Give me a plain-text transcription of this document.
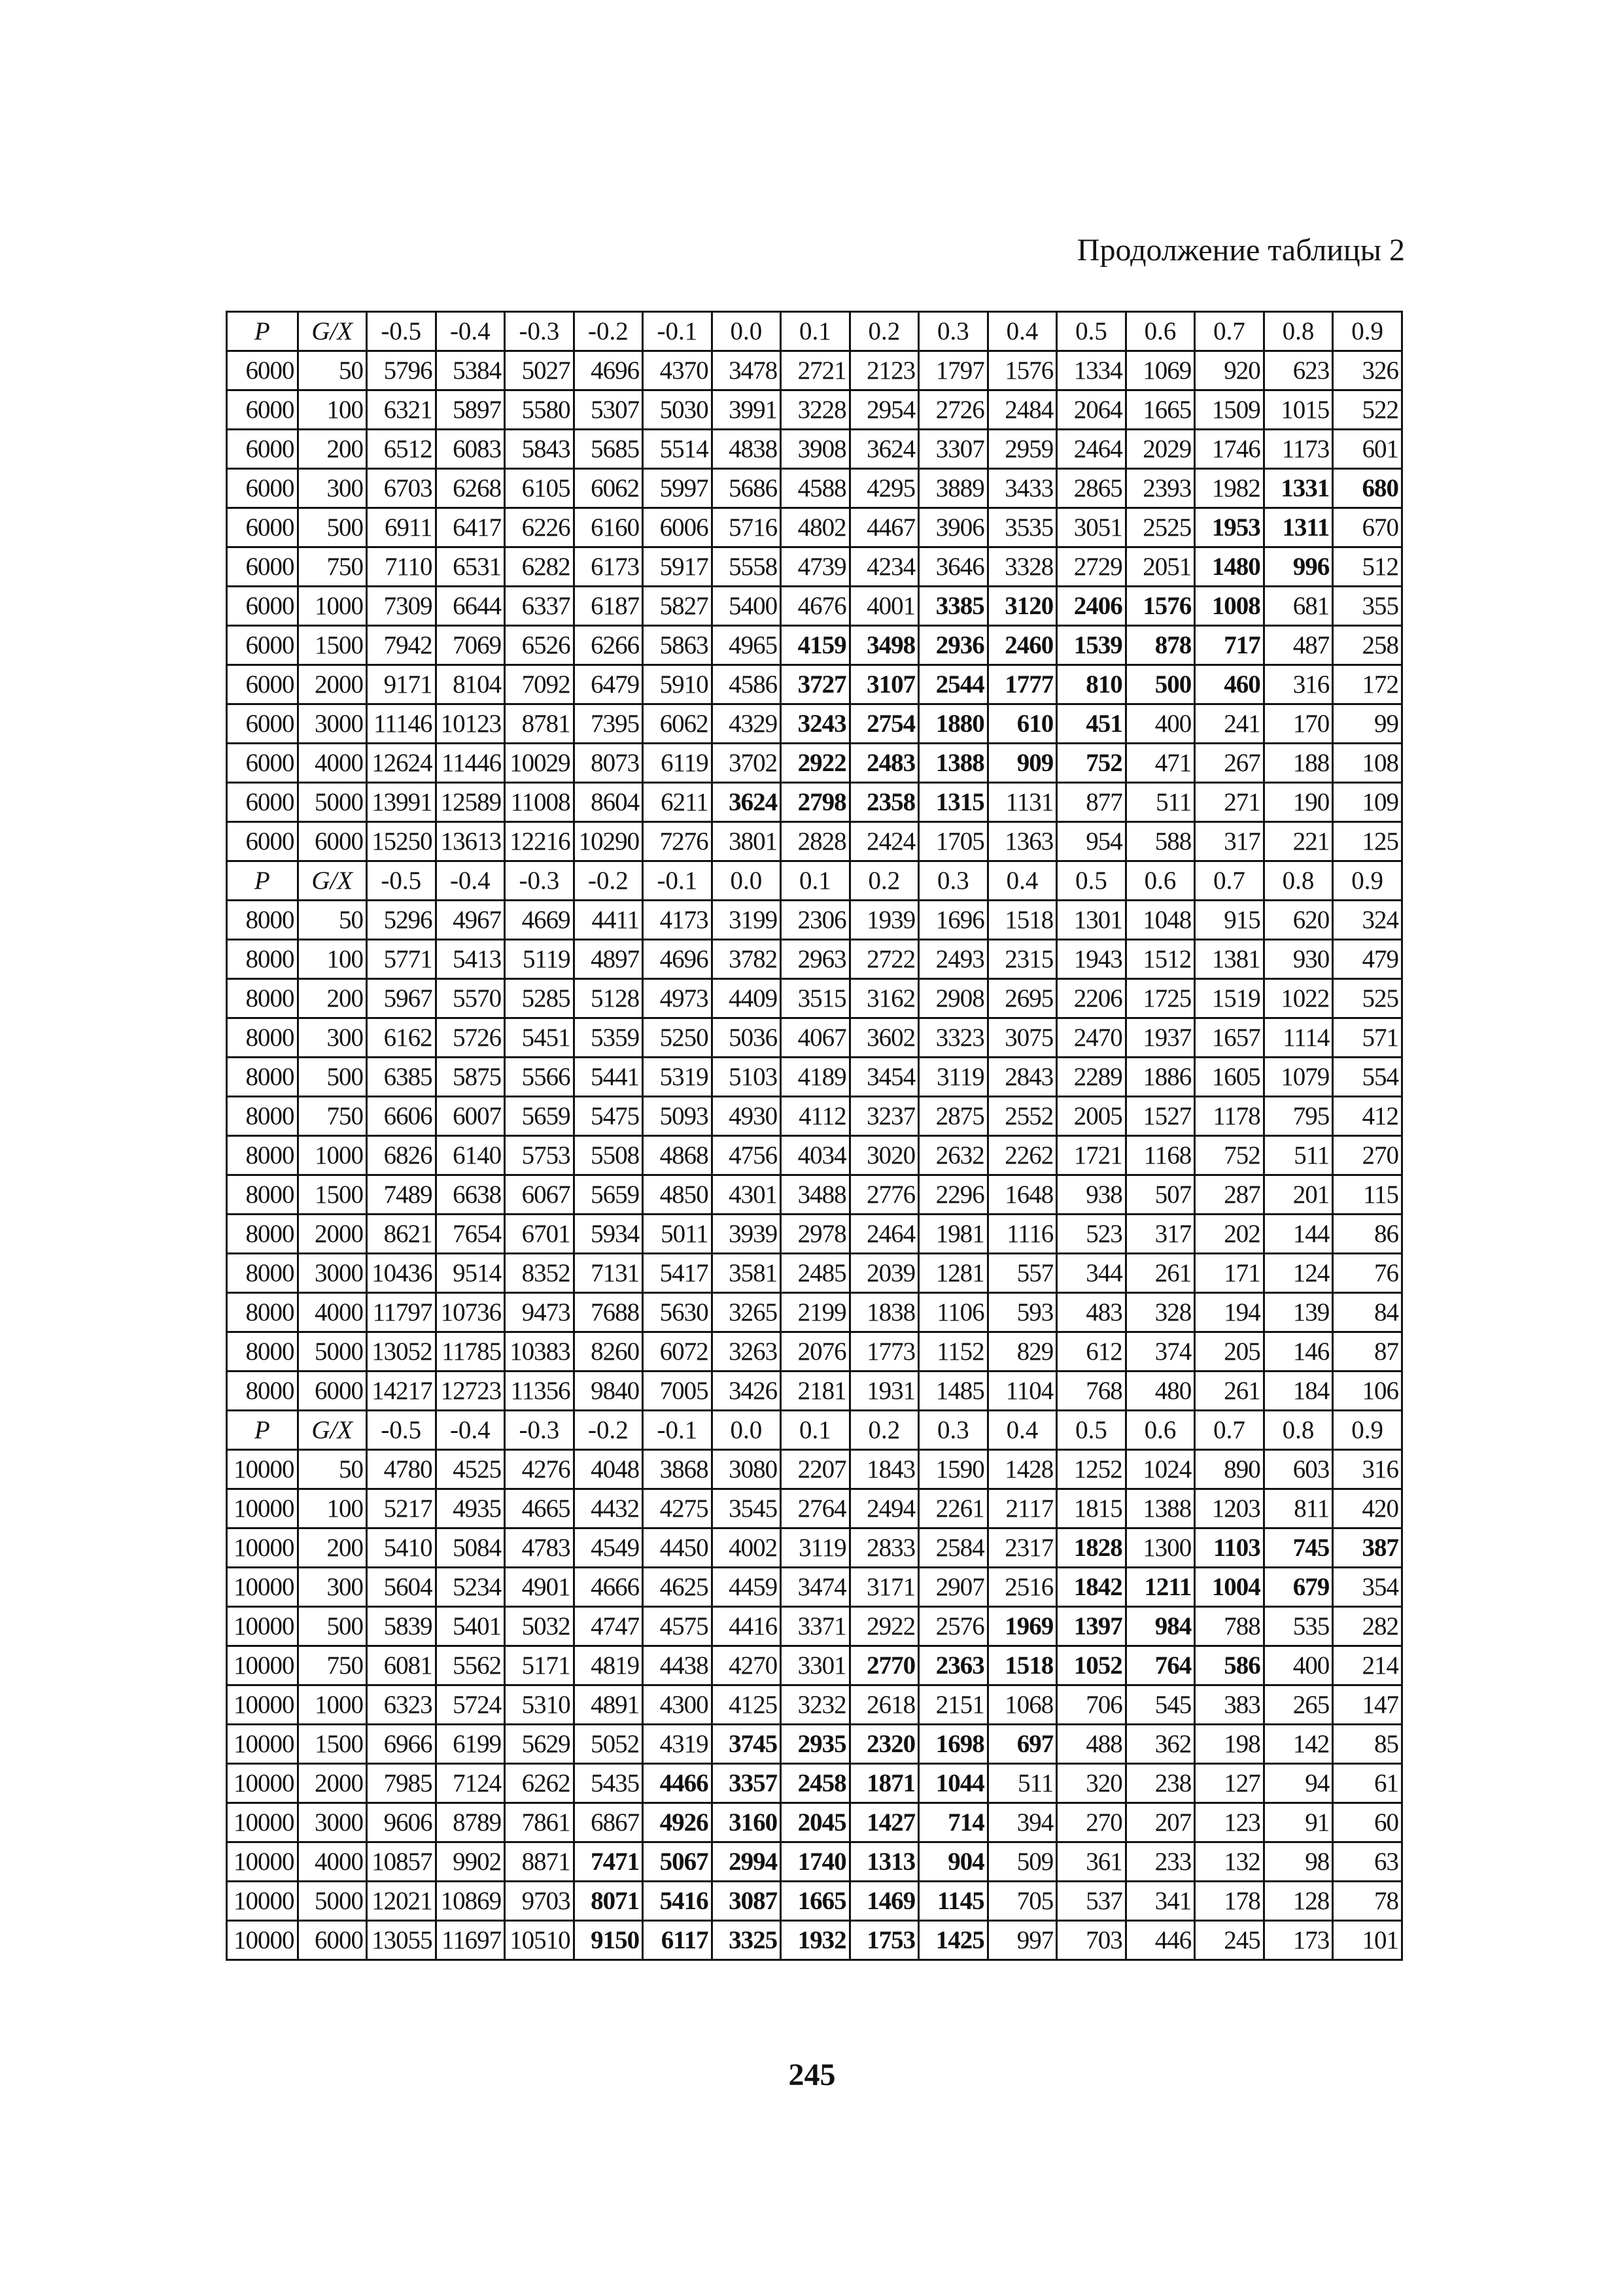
Продолжение таблицы 2
P	G/X	-0.5	-0.4	-0.3	-0.2	-0.1	0.0	0.1	0.2	0.3	0.4	0.5	0.6	0.7	0.8	0.9
6000	50	5796	5384	5027	4696	4370	3478	2721	2123	1797	1576	1334	1069	920	623	326
6000	100	6321	5897	5580	5307	5030	3991	3228	2954	2726	2484	2064	1665	1509	1015	522
6000	200	6512	6083	5843	5685	5514	4838	3908	3624	3307	2959	2464	2029	1746	1173	601
6000	300	6703	6268	6105	6062	5997	5686	4588	4295	3889	3433	2865	2393	1982	1331	680
6000	500	6911	6417	6226	6160	6006	5716	4802	4467	3906	3535	3051	2525	1953	1311	670
6000	750	7110	6531	6282	6173	5917	5558	4739	4234	3646	3328	2729	2051	1480	996	512
6000	1000	7309	6644	6337	6187	5827	5400	4676	4001	3385	3120	2406	1576	1008	681	355
6000	1500	7942	7069	6526	6266	5863	4965	4159	3498	2936	2460	1539	878	717	487	258
6000	2000	9171	8104	7092	6479	5910	4586	3727	3107	2544	1777	810	500	460	316	172
6000	3000	11146	10123	8781	7395	6062	4329	3243	2754	1880	610	451	400	241	170	99
6000	4000	12624	11446	10029	8073	6119	3702	2922	2483	1388	909	752	471	267	188	108
6000	5000	13991	12589	11008	8604	6211	3624	2798	2358	1315	1131	877	511	271	190	109
6000	6000	15250	13613	12216	10290	7276	3801	2828	2424	1705	1363	954	588	317	221	125
P	G/X	-0.5	-0.4	-0.3	-0.2	-0.1	0.0	0.1	0.2	0.3	0.4	0.5	0.6	0.7	0.8	0.9
8000	50	5296	4967	4669	4411	4173	3199	2306	1939	1696	1518	1301	1048	915	620	324
8000	100	5771	5413	5119	4897	4696	3782	2963	2722	2493	2315	1943	1512	1381	930	479
8000	200	5967	5570	5285	5128	4973	4409	3515	3162	2908	2695	2206	1725	1519	1022	525
8000	300	6162	5726	5451	5359	5250	5036	4067	3602	3323	3075	2470	1937	1657	1114	571
8000	500	6385	5875	5566	5441	5319	5103	4189	3454	3119	2843	2289	1886	1605	1079	554
8000	750	6606	6007	5659	5475	5093	4930	4112	3237	2875	2552	2005	1527	1178	795	412
8000	1000	6826	6140	5753	5508	4868	4756	4034	3020	2632	2262	1721	1168	752	511	270
8000	1500	7489	6638	6067	5659	4850	4301	3488	2776	2296	1648	938	507	287	201	115
8000	2000	8621	7654	6701	5934	5011	3939	2978	2464	1981	1116	523	317	202	144	86
8000	3000	10436	9514	8352	7131	5417	3581	2485	2039	1281	557	344	261	171	124	76
8000	4000	11797	10736	9473	7688	5630	3265	2199	1838	1106	593	483	328	194	139	84
8000	5000	13052	11785	10383	8260	6072	3263	2076	1773	1152	829	612	374	205	146	87
8000	6000	14217	12723	11356	9840	7005	3426	2181	1931	1485	1104	768	480	261	184	106
P	G/X	-0.5	-0.4	-0.3	-0.2	-0.1	0.0	0.1	0.2	0.3	0.4	0.5	0.6	0.7	0.8	0.9
10000	50	4780	4525	4276	4048	3868	3080	2207	1843	1590	1428	1252	1024	890	603	316
10000	100	5217	4935	4665	4432	4275	3545	2764	2494	2261	2117	1815	1388	1203	811	420
10000	200	5410	5084	4783	4549	4450	4002	3119	2833	2584	2317	1828	1300	1103	745	387
10000	300	5604	5234	4901	4666	4625	4459	3474	3171	2907	2516	1842	1211	1004	679	354
10000	500	5839	5401	5032	4747	4575	4416	3371	2922	2576	1969	1397	984	788	535	282
10000	750	6081	5562	5171	4819	4438	4270	3301	2770	2363	1518	1052	764	586	400	214
10000	1000	6323	5724	5310	4891	4300	4125	3232	2618	2151	1068	706	545	383	265	147
10000	1500	6966	6199	5629	5052	4319	3745	2935	2320	1698	697	488	362	198	142	85
10000	2000	7985	7124	6262	5435	4466	3357	2458	1871	1044	511	320	238	127	94	61
10000	3000	9606	8789	7861	6867	4926	3160	2045	1427	714	394	270	207	123	91	60
10000	4000	10857	9902	8871	7471	5067	2994	1740	1313	904	509	361	233	132	98	63
10000	5000	12021	10869	9703	8071	5416	3087	1665	1469	1145	705	537	341	178	128	78
10000	6000	13055	11697	10510	9150	6117	3325	1932	1753	1425	997	703	446	245	173	101
245
